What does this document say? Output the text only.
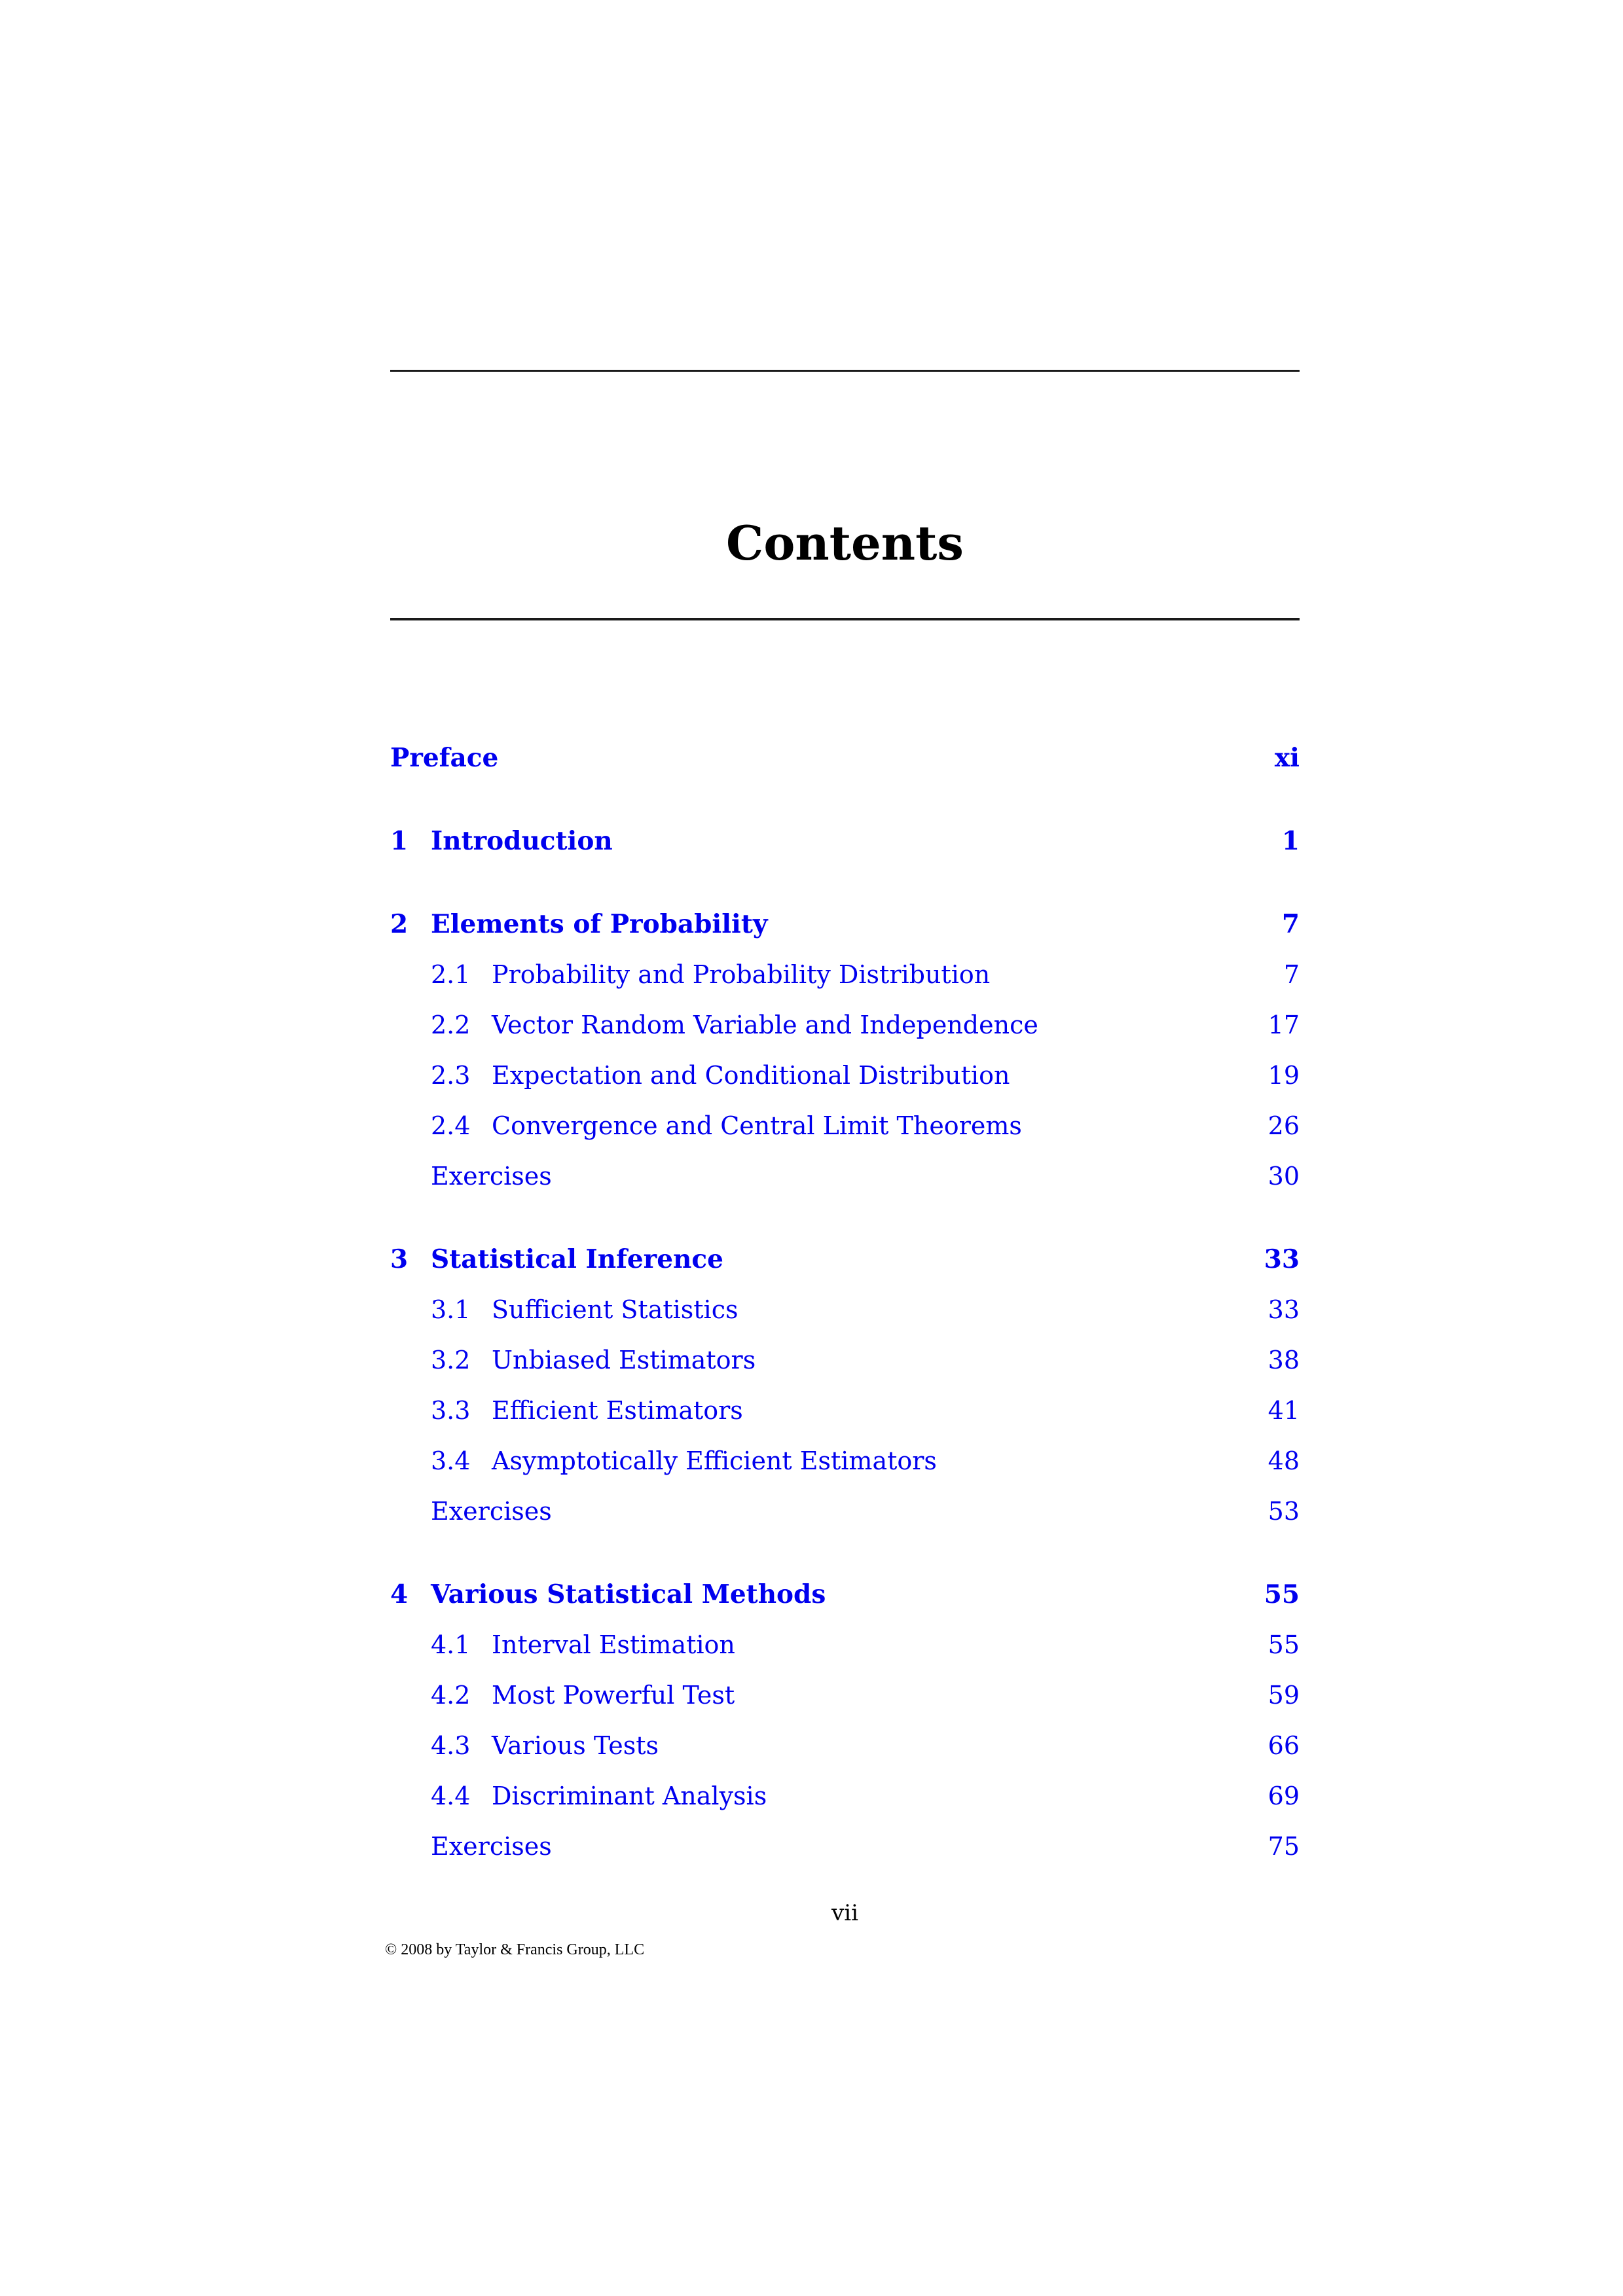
Contents
Preface	xi
1 Introduction	1
2 Elements of Probability	7
2.1 Probability and Probability Distribution	7
2.2 Vector Random Variable and Independence	17
2.3 Expectation and Conditional Distribution	19
2.4 Convergence and Central Limit Theorems	26
Exercises	30
3 Statistical Inference	33
3.1 Sufficient Statistics	33
3.2 Unbiased Estimators	38
3.3 Efficient Estimators	41
3.4 Asymptotically Efficient Estimators	48
Exercises	53
4 Various Statistical Methods	55
4.1 Interval Estimation	55
4.2 Most Powerful Test	59
4.3 Various Tests	66
4.4 Discriminant Analysis	69
Exercises	75
vii
© 2008 by Taylor & Francis Group, LLC
